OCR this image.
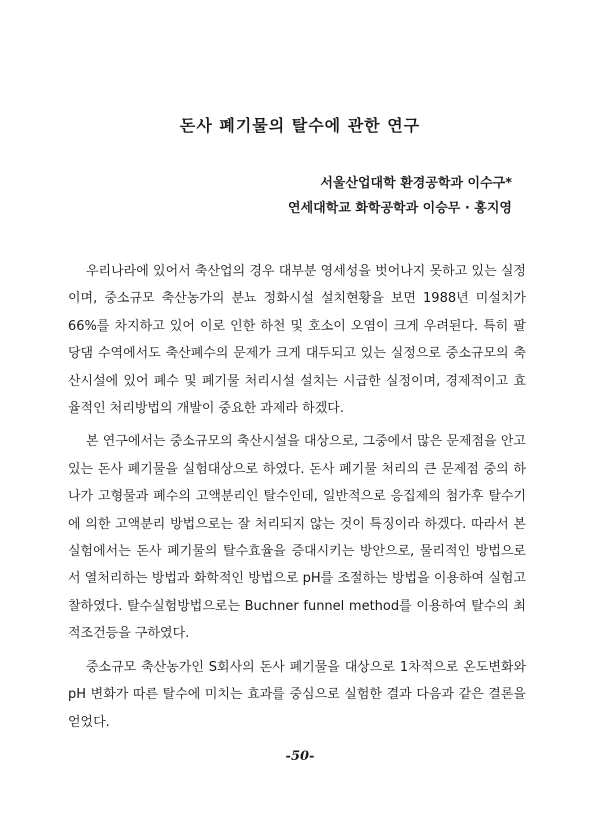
돈사 폐기물의 탈수에 관한 연구
서울산업대학 환경공학과 이수구*
연세대학교 화학공학과 이승무 · 홍지영

우리나라에 있어서 축산업의 경우 대부분 영세성을 벗어나지 못하고 있는 실정이며, 중소규모 축산농가의 분뇨 정화시설 설치현황을 보면 1988년 미설치가 66%를 차지하고 있어 이로 인한 하천 및 호소이 오염이 크게 우려된다. 특히 팔당댐 수역에서도 축산폐수의 문제가 크게 대두되고 있는 실정으로 중소규모의 축산시설에 있어 폐수 및 폐기물 처리시설 설치는 시급한 실정이며, 경제적이고 효율적인 처리방법의 개발이 중요한 과제라 하겠다.

본 연구에서는 중소규모의 축산시설을 대상으로, 그중에서 많은 문제점을 안고 있는 돈사 폐기물을 실험대상으로 하였다. 돈사 폐기물 처리의 큰 문제점 중의 하나가 고형물과 폐수의 고액분리인 탈수인데, 일반적으로 응집제의 첨가후 탈수기에 의한 고액분리 방법으로는 잘 처리되지 않는 것이 특징이라 하겠다. 따라서 본 실험에서는 돈사 폐기물의 탈수효율을 증대시키는 방안으로, 물리적인 방법으로서 열처리하는 방법과 화학적인 방법으로 pH를 조절하는 방법을 이용하여 실험고찰하였다. 탈수실험방법으로는 Buchner funnel method를 이용하여 탈수의 최적조건등을 구하였다.

중소규모 축산농가인 S회사의 돈사 폐기물을 대상으로 1차적으로 온도변화와 pH 변화가 따른 탈수에 미치는 효과를 중심으로 실험한 결과 다음과 같은 결론을 얻었다.

-50-
